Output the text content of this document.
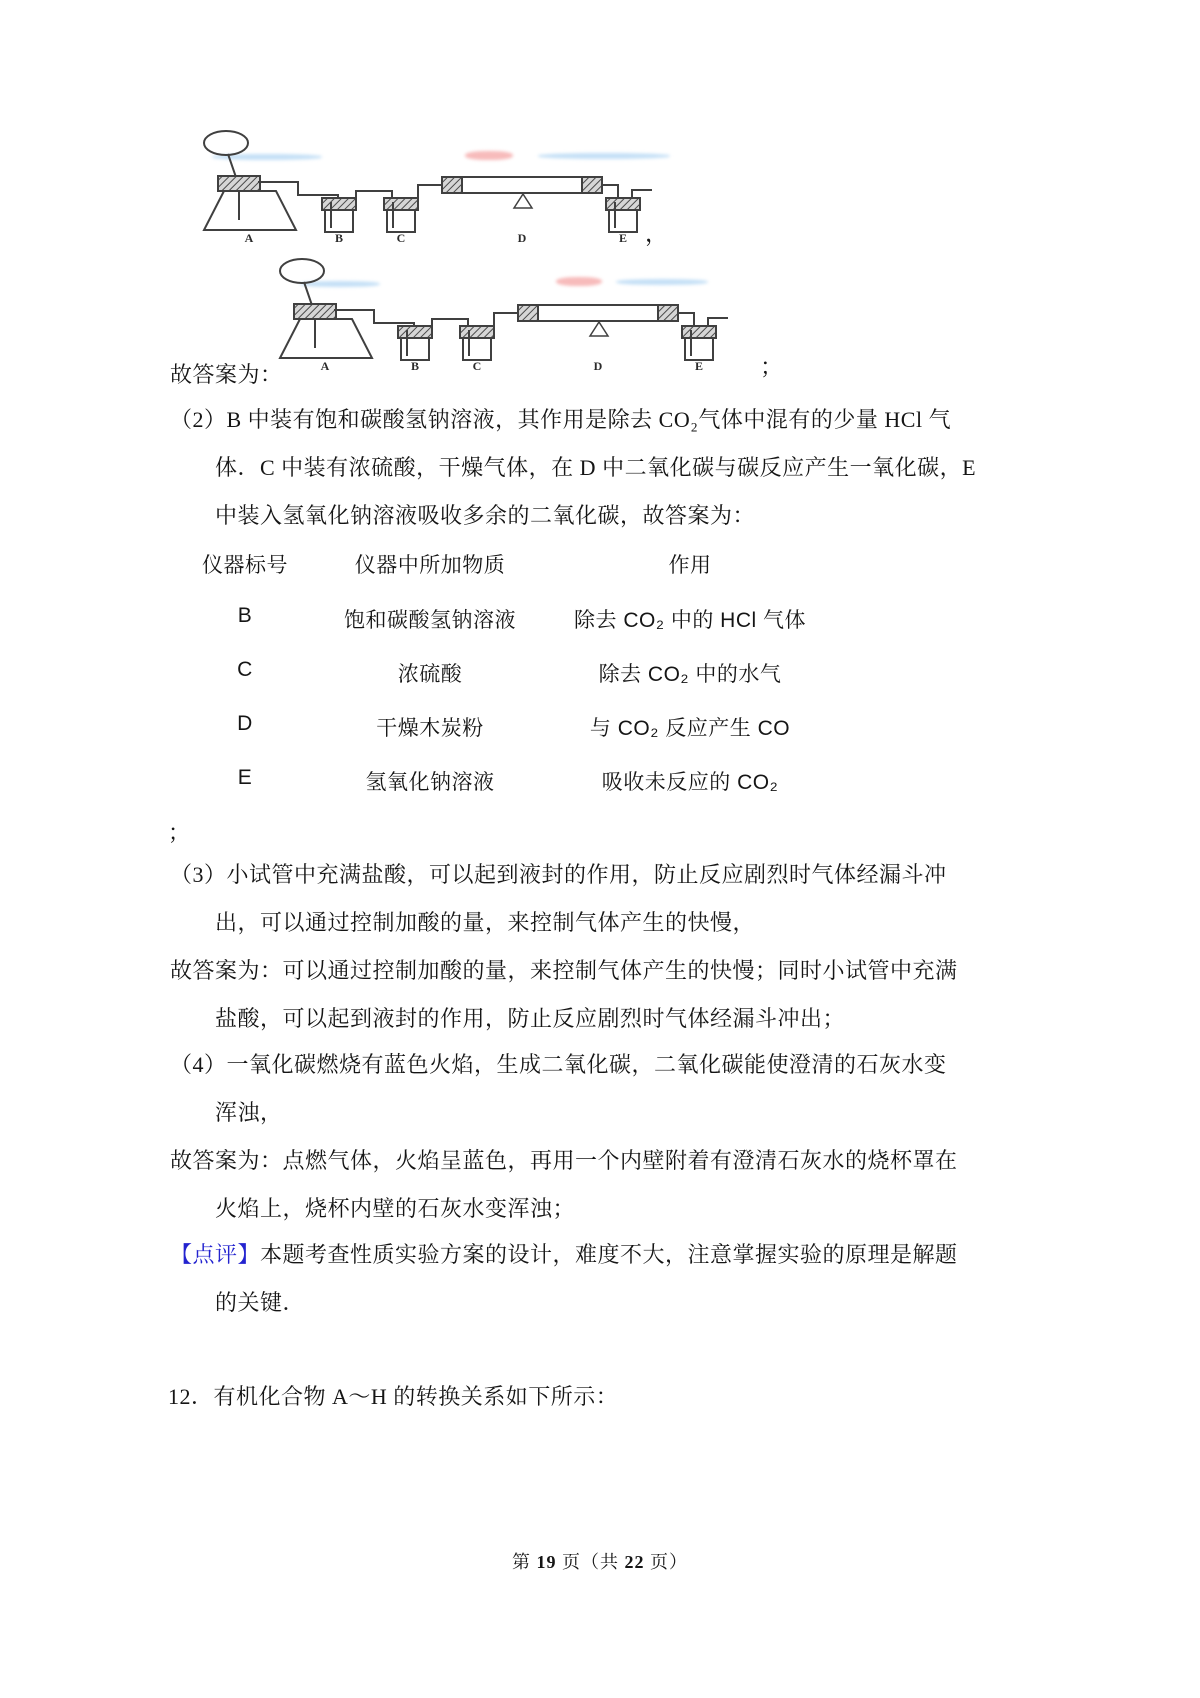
A	B	C	D	E ，
故答案为：	A	B	C	D	E ；
（2）B 中装有饱和碳酸氢钠溶液，其作用是除去 CO₂气体中混有的少量 HCl 气
体．C 中装有浓硫酸，干燥气体，在 D 中二氧化碳与碳反应产生一氧化碳，E
中装入氢氧化钠溶液吸收多余的二氧化碳，故答案为：
仪器标号	仪器中所加物质	作用
B	饱和碳酸氢钠溶液	除去 CO₂ 中的 HCl 气体
C	浓硫酸	除去 CO₂ 中的水气
D	干燥木炭粉	与 CO₂ 反应产生 CO
E	氢氧化钠溶液	吸收未反应的 CO₂
；
（3）小试管中充满盐酸，可以起到液封的作用，防止反应剧烈时气体经漏斗冲
出，可以通过控制加酸的量，来控制气体产生的快慢，
故答案为：可以通过控制加酸的量，来控制气体产生的快慢；同时小试管中充满
盐酸，可以起到液封的作用，防止反应剧烈时气体经漏斗冲出；
（4）一氧化碳燃烧有蓝色火焰，生成二氧化碳，二氧化碳能使澄清的石灰水变
浑浊，
故答案为：点燃气体，火焰呈蓝色，再用一个内壁附着有澄清石灰水的烧杯罩在
火焰上，烧杯内壁的石灰水变浑浊；
【点评】本题考查性质实验方案的设计，难度不大，注意掌握实验的原理是解题
的关键．
12．有机化合物 A～H 的转换关系如下所示：
第 19 页（共 22 页）
